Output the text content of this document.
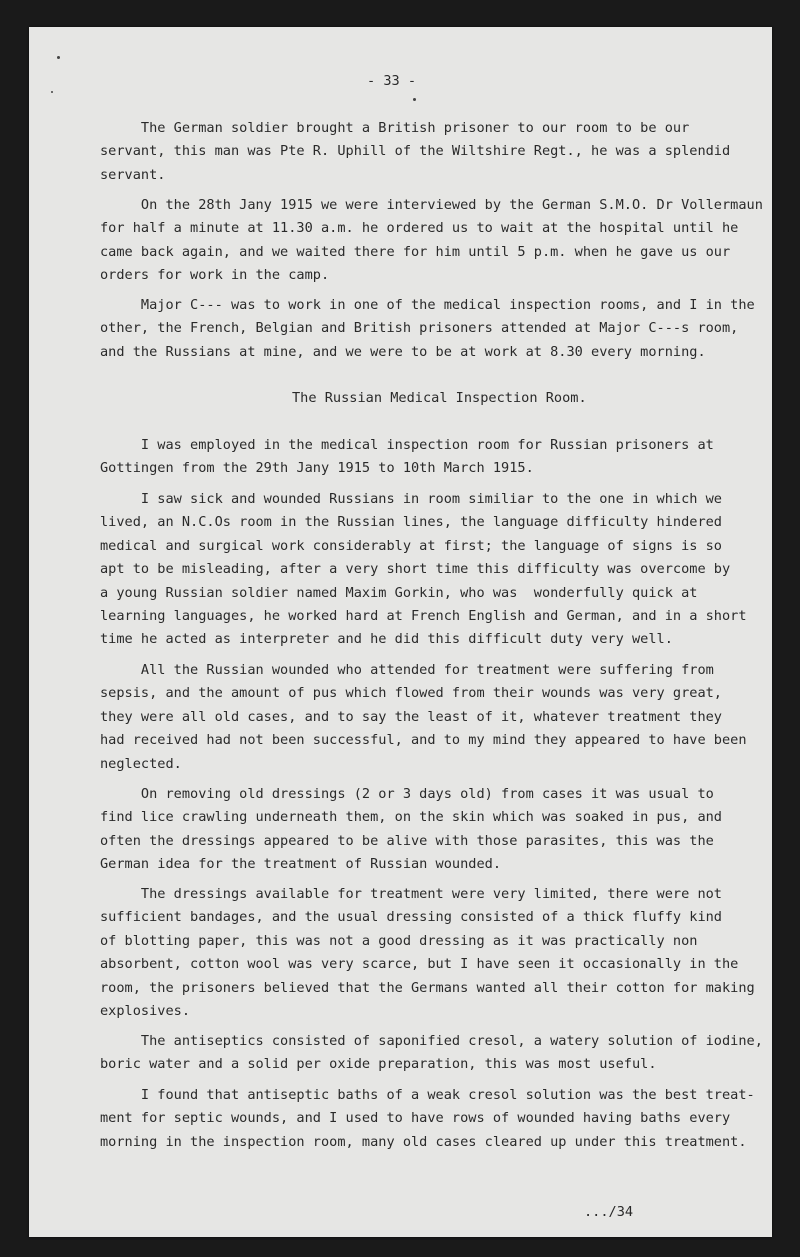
- 33 -
The German soldier brought a British prisoner to our room to be our
servant, this man was Pte R. Uphill of the Wiltshire Regt., he was a splendid
servant.
On the 28th Jany 1915 we were interviewed by the German S.M.O. Dr Vollermaun
for half a minute at 11.30 a.m. he ordered us to wait at the hospital until he
came back again, and we waited there for him until 5 p.m. when he gave us our
orders for work in the camp.
Major C--- was to work in one of the medical inspection rooms, and I in the
other, the French, Belgian and British prisoners attended at Major C---s room,
and the Russians at mine, and we were to be at work at 8.30 every morning.
The Russian Medical Inspection Room.
I was employed in the medical inspection room for Russian prisoners at
Gottingen from the 29th Jany 1915 to 10th March 1915.
I saw sick and wounded Russians in room similiar to the one in which we
lived, an N.C.Os room in the Russian lines, the language difficulty hindered
medical and surgical work considerably at first; the language of signs is so
apt to be misleading, after a very short time this difficulty was overcome by
a young Russian soldier named Maxim Gorkin, who was  wonderfully quick at
learning languages, he worked hard at French English and German, and in a short
time he acted as interpreter and he did this difficult duty very well.
All the Russian wounded who attended for treatment were suffering from
sepsis, and the amount of pus which flowed from their wounds was very great,
they were all old cases, and to say the least of it, whatever treatment they
had received had not been successful, and to my mind they appeared to have been
neglected.
On removing old dressings (2 or 3 days old) from cases it was usual to
find lice crawling underneath them, on the skin which was soaked in pus, and
often the dressings appeared to be alive with those parasites, this was the
German idea for the treatment of Russian wounded.
The dressings available for treatment were very limited, there were not
sufficient bandages, and the usual dressing consisted of a thick fluffy kind
of blotting paper, this was not a good dressing as it was practically non
absorbent, cotton wool was very scarce, but I have seen it occasionally in the
room, the prisoners believed that the Germans wanted all their cotton for making
explosives.
The antiseptics consisted of saponified cresol, a watery solution of iodine,
boric water and a solid per oxide preparation, this was most useful.
I found that antiseptic baths of a weak cresol solution was the best treat-
ment for septic wounds, and I used to have rows of wounded having baths every
morning in the inspection room, many old cases cleared up under this treatment.
.../34
